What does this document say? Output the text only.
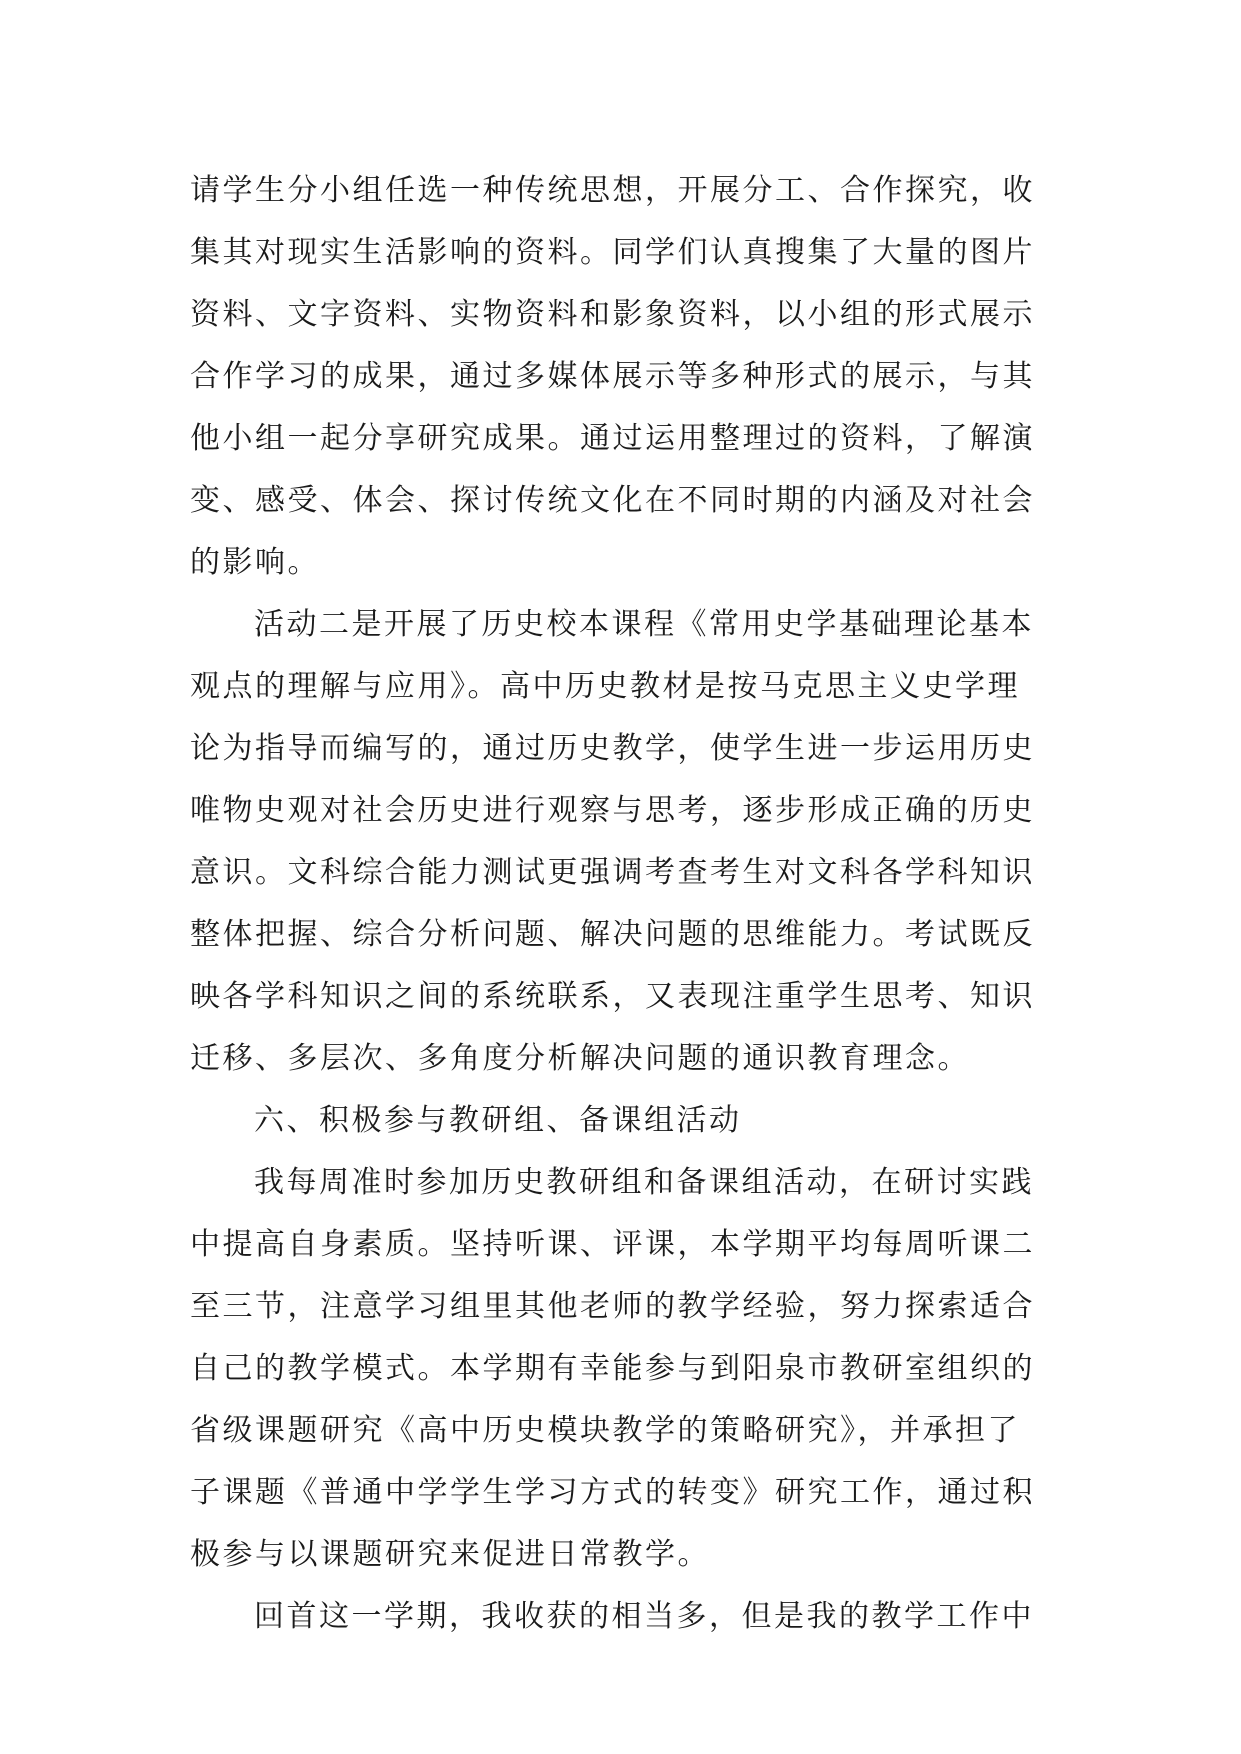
请学生分小组任选一种传统思想，开展分工、合作探究，收
集其对现实生活影响的资料。同学们认真搜集了大量的图片
资料、文字资料、实物资料和影象资料，以小组的形式展示
合作学习的成果，通过多媒体展示等多种形式的展示，与其
他小组一起分享研究成果。通过运用整理过的资料，了解演
变、感受、体会、探讨传统文化在不同时期的内涵及对社会
的影响。
活动二是开展了历史校本课程《常用史学基础理论基本
观点的理解与应用》。高中历史教材是按马克思主义史学理
论为指导而编写的，通过历史教学，使学生进一步运用历史
唯物史观对社会历史进行观察与思考，逐步形成正确的历史
意识。文科综合能力测试更强调考查考生对文科各学科知识
整体把握、综合分析问题、解决问题的思维能力。考试既反
映各学科知识之间的系统联系，又表现注重学生思考、知识
迁移、多层次、多角度分析解决问题的通识教育理念。
六、积极参与教研组、备课组活动
我每周准时参加历史教研组和备课组活动，在研讨实践
中提高自身素质。坚持听课、评课，本学期平均每周听课二
至三节，注意学习组里其他老师的教学经验，努力探索适合
自己的教学模式。本学期有幸能参与到阳泉市教研室组织的
省级课题研究《高中历史模块教学的策略研究》，并承担了
子课题《普通中学学生学习方式的转变》研究工作，通过积
极参与以课题研究来促进日常教学。
回首这一学期，我收获的相当多，但是我的教学工作中
